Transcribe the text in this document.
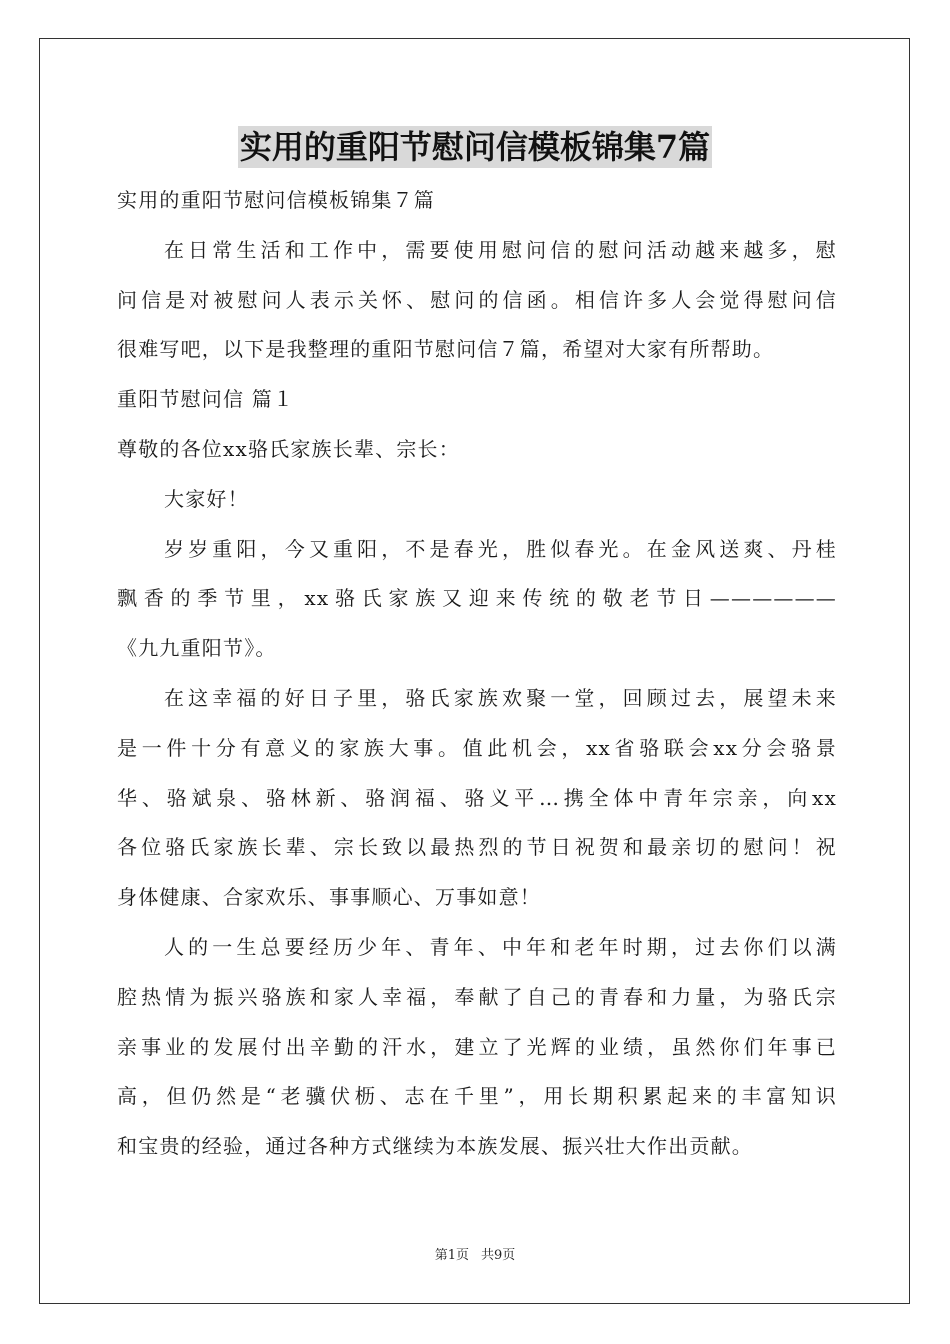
实用的重阳节慰问信模板锦集7篇
实用的重阳节慰问信模板锦集７篇
在日常生活和工作中，需要使用慰问信的慰问活动越来越多，慰
问信是对被慰问人表示关怀、慰问的信函。相信许多人会觉得慰问信
很难写吧，以下是我整理的重阳节慰问信７篇，希望对大家有所帮助。
重阳节慰问信 篇１
尊敬的各位xx骆氏家族长辈、宗长：
大家好！
岁岁重阳，今又重阳，不是春光，胜似春光。在金风送爽、丹桂
飘香的季节里，xx骆氏家族又迎来传统的敬老节日——————
《九九重阳节》。
在这幸福的好日子里，骆氏家族欢聚一堂，回顾过去，展望未来
是一件十分有意义的家族大事。值此机会，xx省骆联会xx分会骆景
华、骆斌泉、骆林新、骆润福、骆义平…携全体中青年宗亲，向xx
各位骆氏家族长辈、宗长致以最热烈的节日祝贺和最亲切的慰问！祝
身体健康、合家欢乐、事事顺心、万事如意！
人的一生总要经历少年、青年、中年和老年时期，过去你们以满
腔热情为振兴骆族和家人幸福，奉献了自己的青春和力量，为骆氏宗
亲事业的发展付出辛勤的汗水，建立了光辉的业绩，虽然你们年事已
高，但仍然是“老骥伏枥、志在千里”，用长期积累起来的丰富知识
和宝贵的经验，通过各种方式继续为本族发展、振兴壮大作出贡献。
第1页 共9页
